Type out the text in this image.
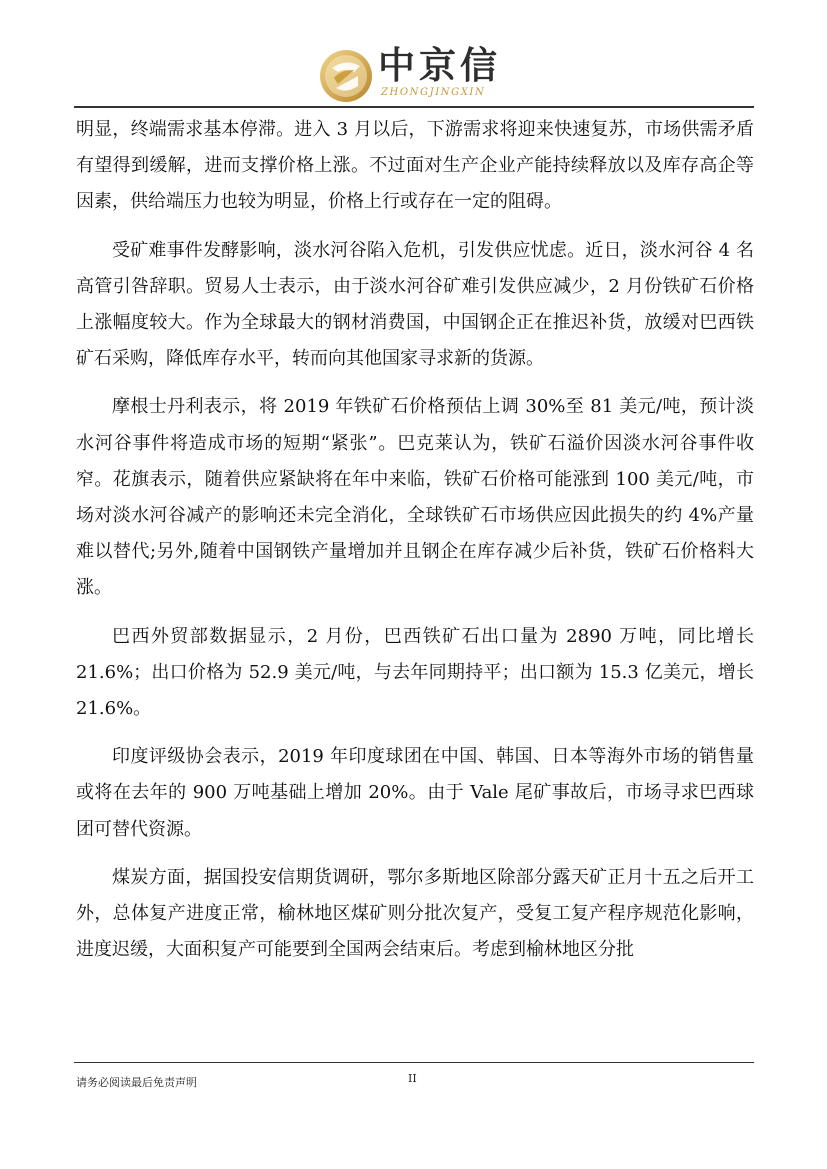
中京信
ZHONGJINGXIN

明显，终端需求基本停滞。进入 3 月以后，下游需求将迎来快速复苏，市场供需矛盾有望得到缓解，进而支撑价格上涨。不过面对生产企业产能持续释放以及库存高企等因素，供给端压力也较为明显，价格上行或存在一定的阻碍。

受矿难事件发酵影响，淡水河谷陷入危机，引发供应忧虑。近日，淡水河谷 4 名高管引咎辞职。贸易人士表示，由于淡水河谷矿难引发供应减少，2 月份铁矿石价格上涨幅度较大。作为全球最大的钢材消费国，中国钢企正在推迟补货，放缓对巴西铁矿石采购，降低库存水平，转而向其他国家寻求新的货源。

摩根士丹利表示，将 2019 年铁矿石价格预估上调 30%至 81 美元/吨，预计淡水河谷事件将造成市场的短期“紧张”。巴克莱认为，铁矿石溢价因淡水河谷事件收窄。花旗表示，随着供应紧缺将在年中来临，铁矿石价格可能涨到 100 美元/吨，市场对淡水河谷减产的影响还未完全消化，全球铁矿石市场供应因此损失的约 4%产量难以替代;另外,随着中国钢铁产量增加并且钢企在库存减少后补货，铁矿石价格料大涨。

巴西外贸部数据显示，2 月份，巴西铁矿石出口量为 2890 万吨，同比增长 21.6%；出口价格为 52.9 美元/吨，与去年同期持平；出口额为 15.3 亿美元，增长 21.6%。

印度评级协会表示，2019 年印度球团在中国、韩国、日本等海外市场的销售量或将在去年的 900 万吨基础上增加 20%。由于 Vale 尾矿事故后，市场寻求巴西球团可替代资源。

煤炭方面，据国投安信期货调研，鄂尔多斯地区除部分露天矿正月十五之后开工外，总体复产进度正常，榆林地区煤矿则分批次复产，受复工复产程序规范化影响，进度迟缓，大面积复产可能要到全国两会结束后。考虑到榆林地区分批

请务必阅读最后免责声明	II
